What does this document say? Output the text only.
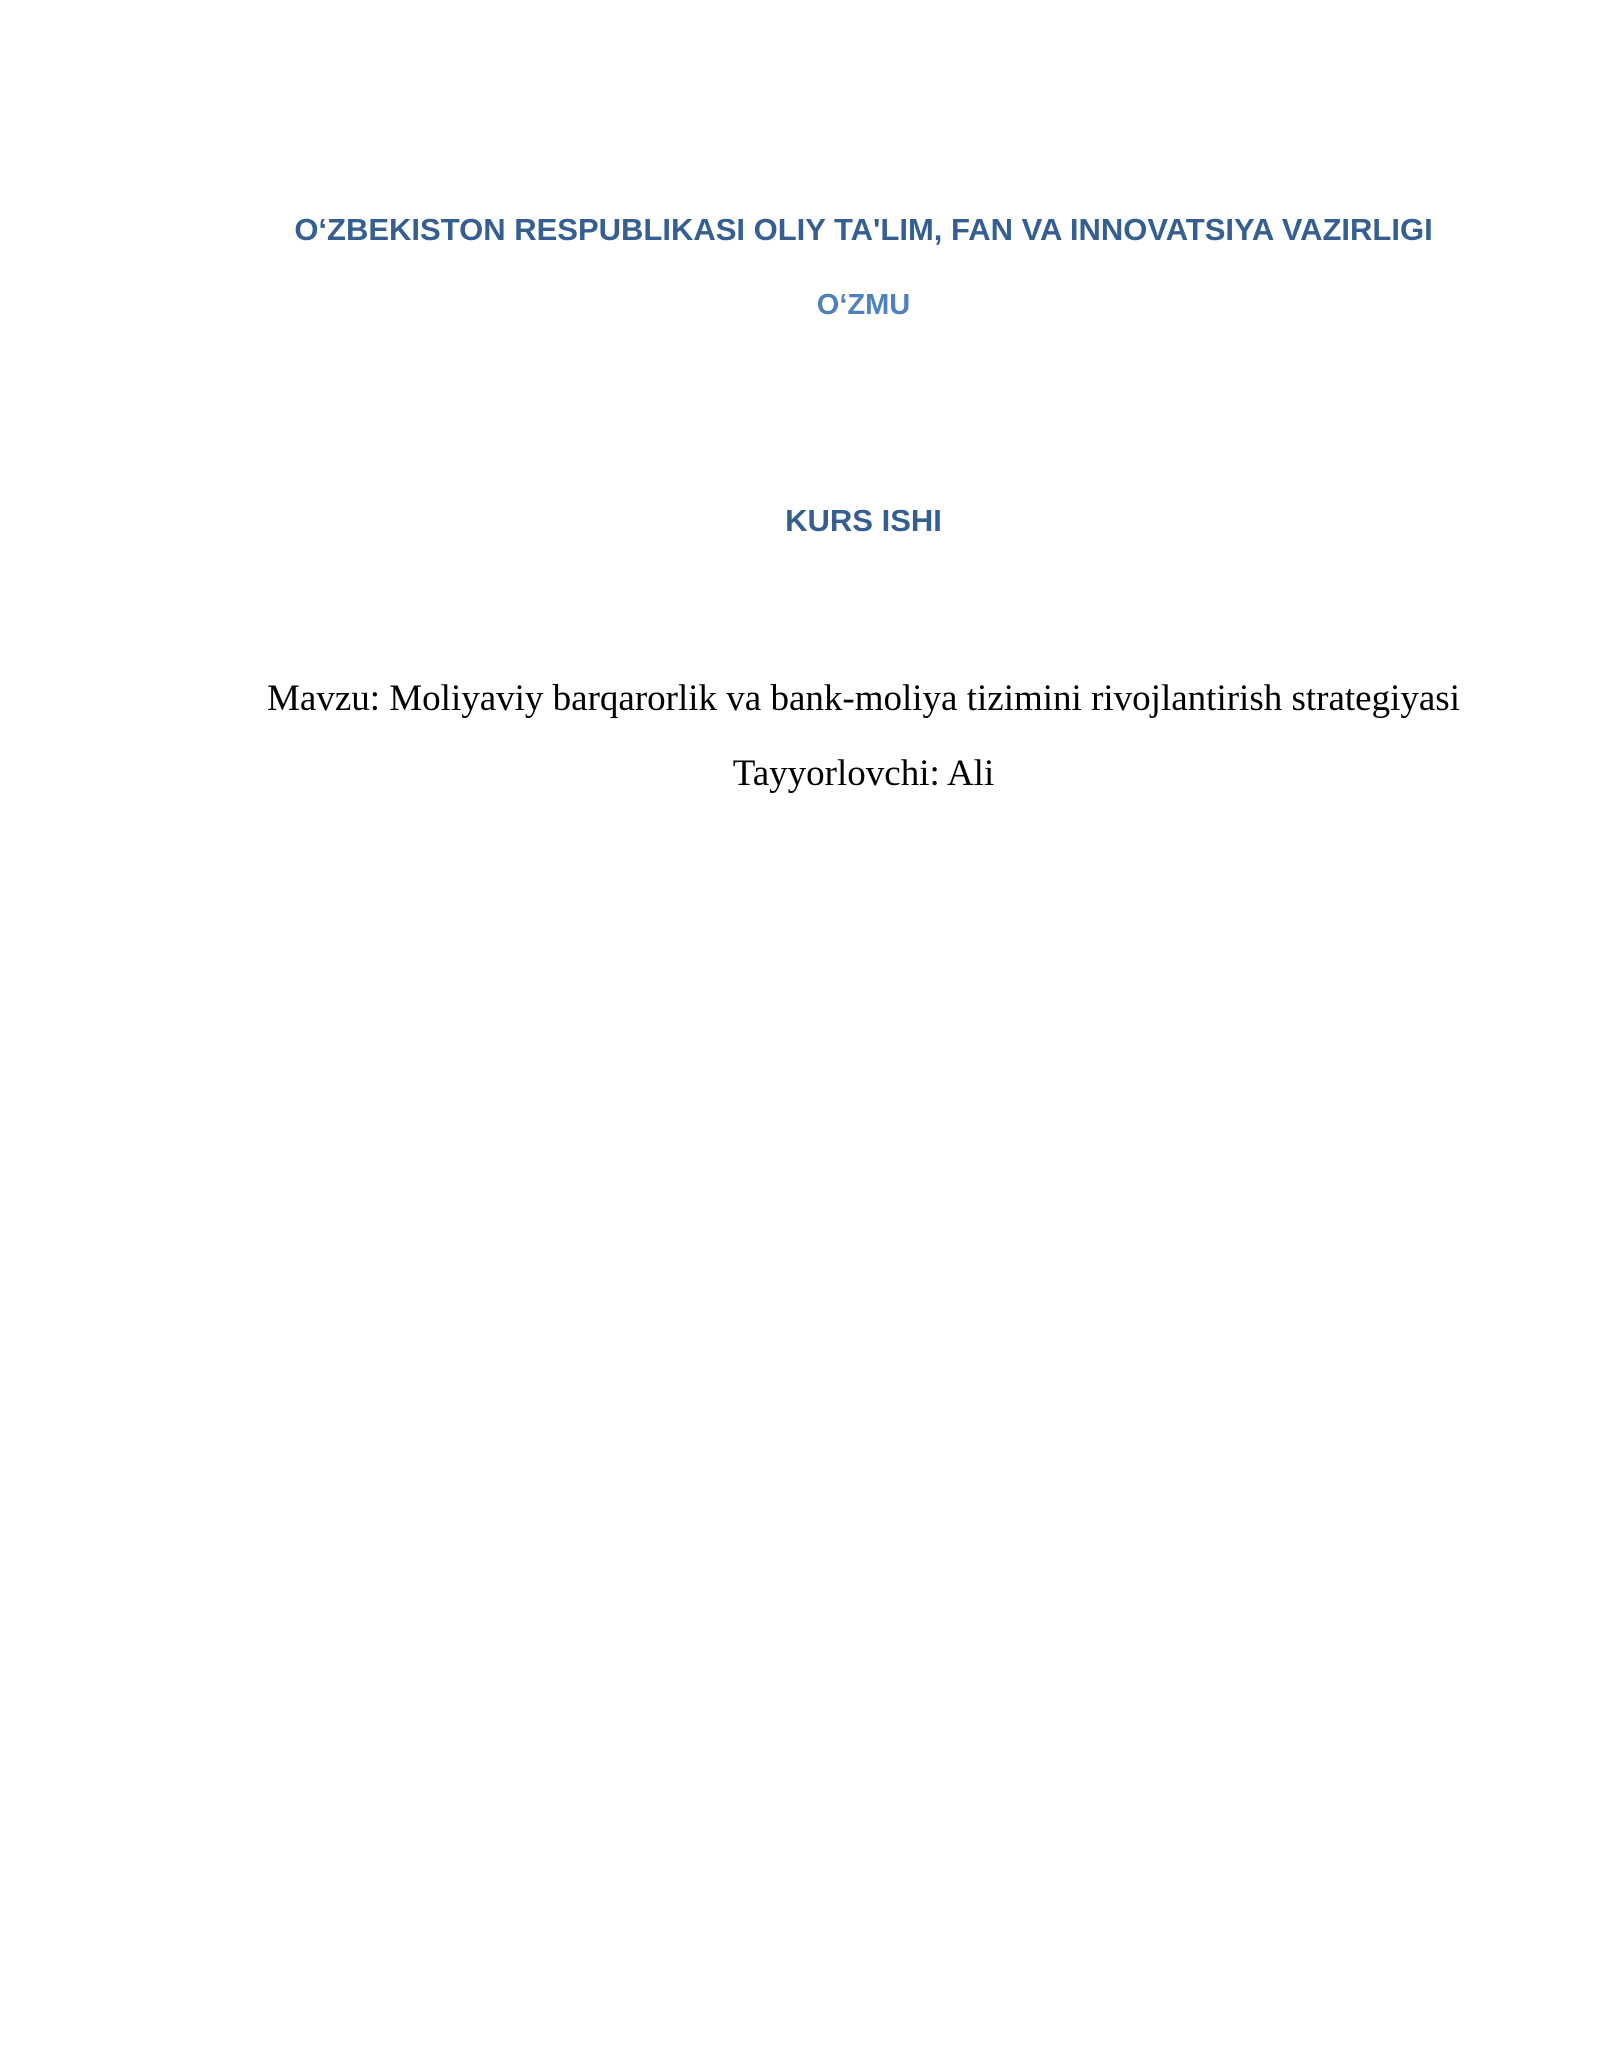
O‘ZBEKISTON RESPUBLIKASI OLIY TA'LIM, FAN VA INNOVATSIYA VAZIRLIGI

O‘ZMU

KURS ISHI

Mavzu: Moliyaviy barqarorlik va bank-moliya tizimini rivojlantirish strategiyasi

Tayyorlovchi: Ali
